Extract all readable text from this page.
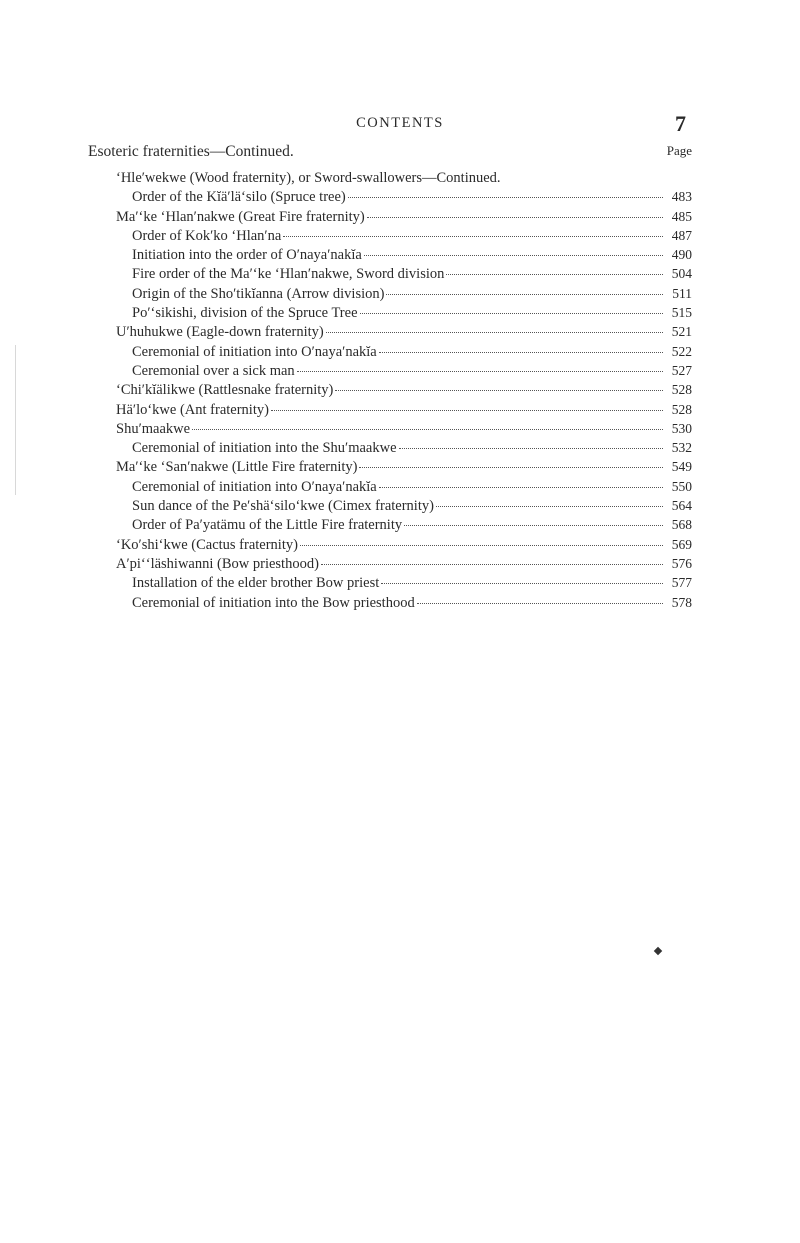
CONTENTS	7
Esoteric fraternities—Continued.	Page
ʻHleʹwekwe (Wood fraternity), or Sword-swallowers—Continued.
Order of the Kĭäʹläʻsilo (Spruce tree)	483
Maʹʻke ʻHlanʹnakwe (Great Fire fraternity)	485
Order of Kokʹko ʻHlanʹna	487
Initiation into the order of Oʹnayaʹnakĭa	490
Fire order of the Maʹʻke ʻHlanʹnakwe, Sword division	504
Origin of the Shoʹtikĭanna (Arrow division)	511
Poʹʻsikishi, division of the Spruce Tree	515
Uʹhuhukwe (Eagle-down fraternity)	521
Ceremonial of initiation into Oʹnayaʹnakĭa	522
Ceremonial over a sick man	527
ʻChiʹkĭälikwe (Rattlesnake fraternity)	528
Häʹloʻkwe (Ant fraternity)	528
Shuʹmaakwe	530
Ceremonial of initiation into the Shuʹmaakwe	532
Maʹʻke ʻSanʹnakwe (Little Fire fraternity)	549
Ceremonial of initiation into Oʹnayaʹnakĭa	550
Sun dance of the Peʹshäʻsiloʻkwe (Cimex fraternity)	564
Order of Paʹyatämu of the Little Fire fraternity	568
ʻKoʹshiʻkwe (Cactus fraternity)	569
Aʹpiʻʻläshiwanni (Bow priesthood)	576
Installation of the elder brother Bow priest	577
Ceremonial of initiation into the Bow priesthood	578
